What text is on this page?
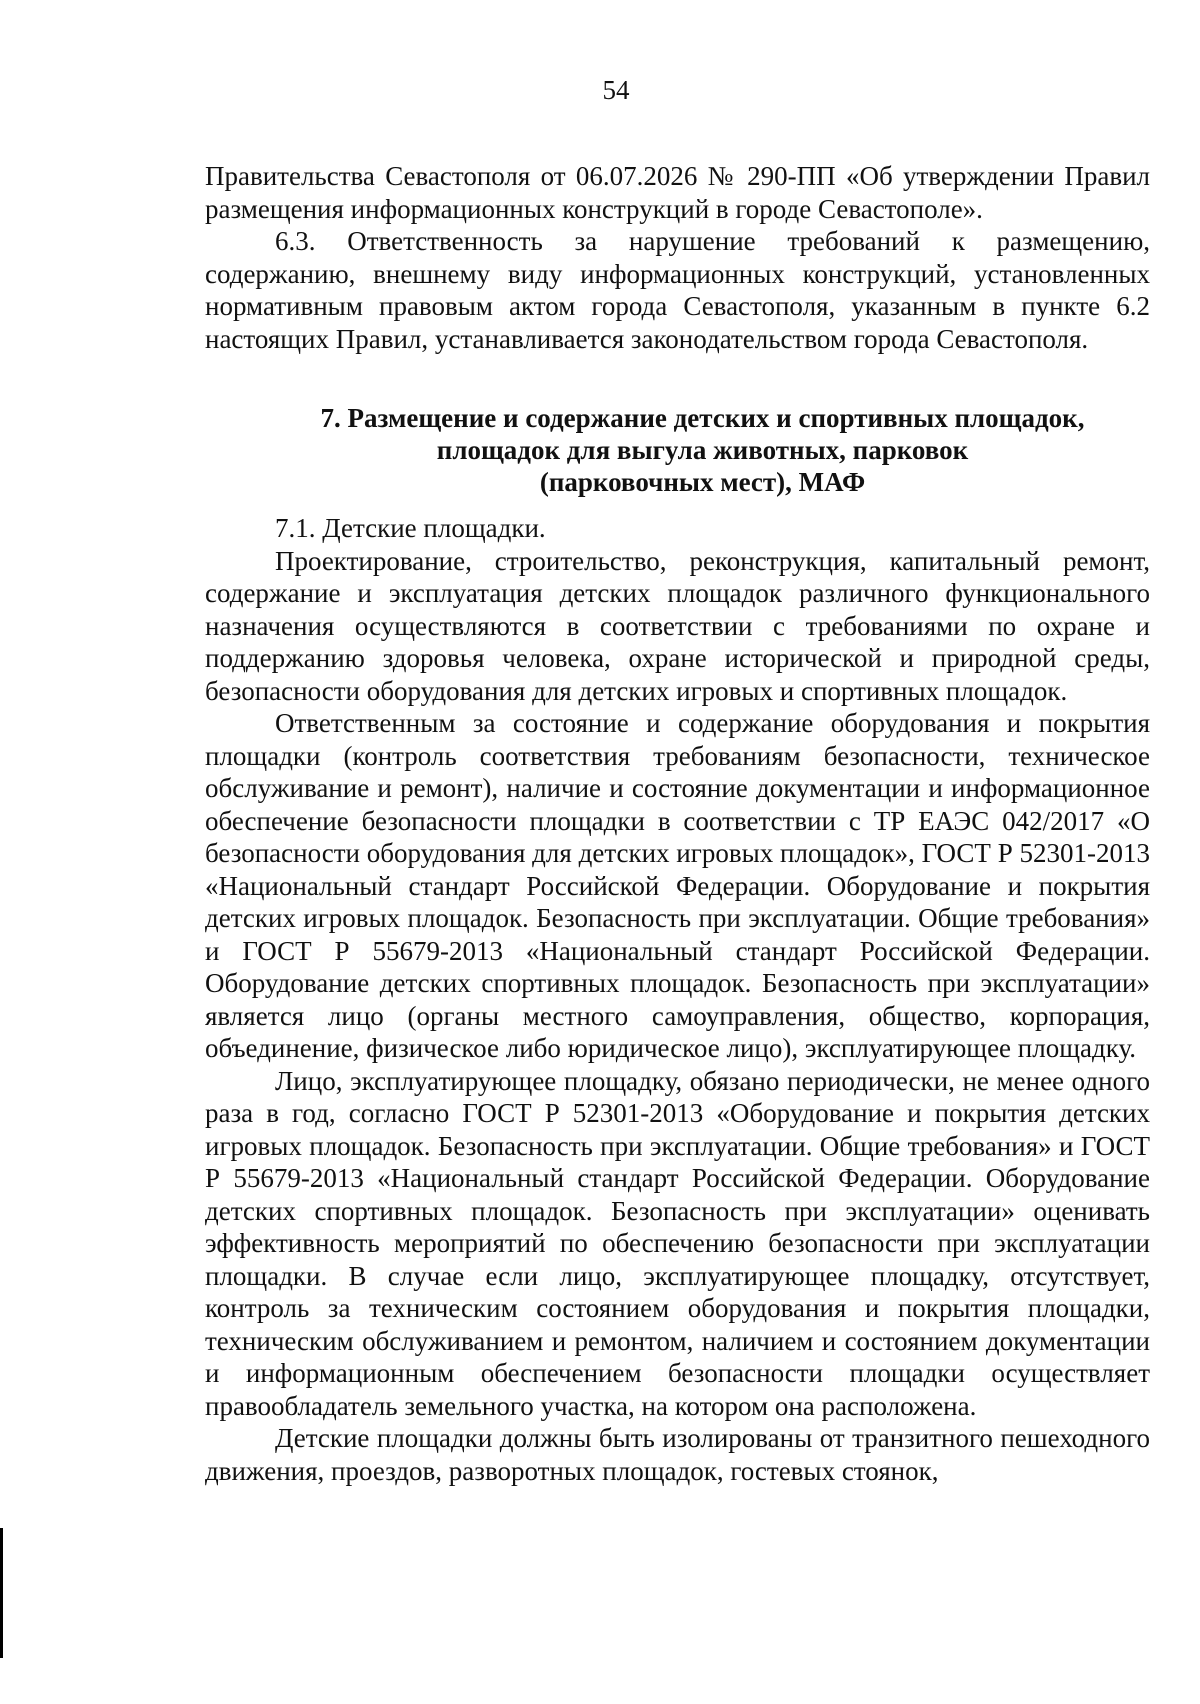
54

Правительства Севастополя от 06.07.2026 № 290-ПП «Об утверждении Правил размещения информационных конструкций в городе Севастополе».

6.3. Ответственность за нарушение требований к размещению, содержанию, внешнему виду информационных конструкций, установленных нормативным правовым актом города Севастополя, указанным в пункте 6.2 настоящих Правил, устанавливается законодательством города Севастополя.

7. Размещение и содержание детских и спортивных площадок,
площадок для выгула животных, парковок
(парковочных мест), МАФ

7.1. Детские площадки.

Проектирование, строительство, реконструкция, капитальный ремонт, содержание и эксплуатация детских площадок различного функционального назначения осуществляются в соответствии с требованиями по охране и поддержанию здоровья человека, охране исторической и природной среды, безопасности оборудования для детских игровых и спортивных площадок.

Ответственным за состояние и содержание оборудования и покрытия площадки (контроль соответствия требованиям безопасности, техническое обслуживание и ремонт), наличие и состояние документации и информационное обеспечение безопасности площадки в соответствии с ТР ЕАЭС 042/2017 «О безопасности оборудования для детских игровых площадок», ГОСТ Р 52301-2013 «Национальный стандарт Российской Федерации. Оборудование и покрытия детских игровых площадок. Безопасность при эксплуатации. Общие требования» и ГОСТ Р 55679-2013 «Национальный стандарт Российской Федерации. Оборудование детских спортивных площадок. Безопасность при эксплуатации» является лицо (органы местного самоуправления, общество, корпорация, объединение, физическое либо юридическое лицо), эксплуатирующее площадку.

Лицо, эксплуатирующее площадку, обязано периодически, не менее одного раза в год, согласно ГОСТ Р 52301-2013 «Оборудование и покрытия детских игровых площадок. Безопасность при эксплуатации. Общие требования» и ГОСТ Р 55679-2013 «Национальный стандарт Российской Федерации. Оборудование детских спортивных площадок. Безопасность при эксплуатации» оценивать эффективность мероприятий по обеспечению безопасности при эксплуатации площадки. В случае если лицо, эксплуатирующее площадку, отсутствует, контроль за техническим состоянием оборудования и покрытия площадки, техническим обслуживанием и ремонтом, наличием и состоянием документации и информационным обеспечением безопасности площадки осуществляет правообладатель земельного участка, на котором она расположена.

Детские площадки должны быть изолированы от транзитного пешеходного движения, проездов, разворотных площадок, гостевых стоянок,
